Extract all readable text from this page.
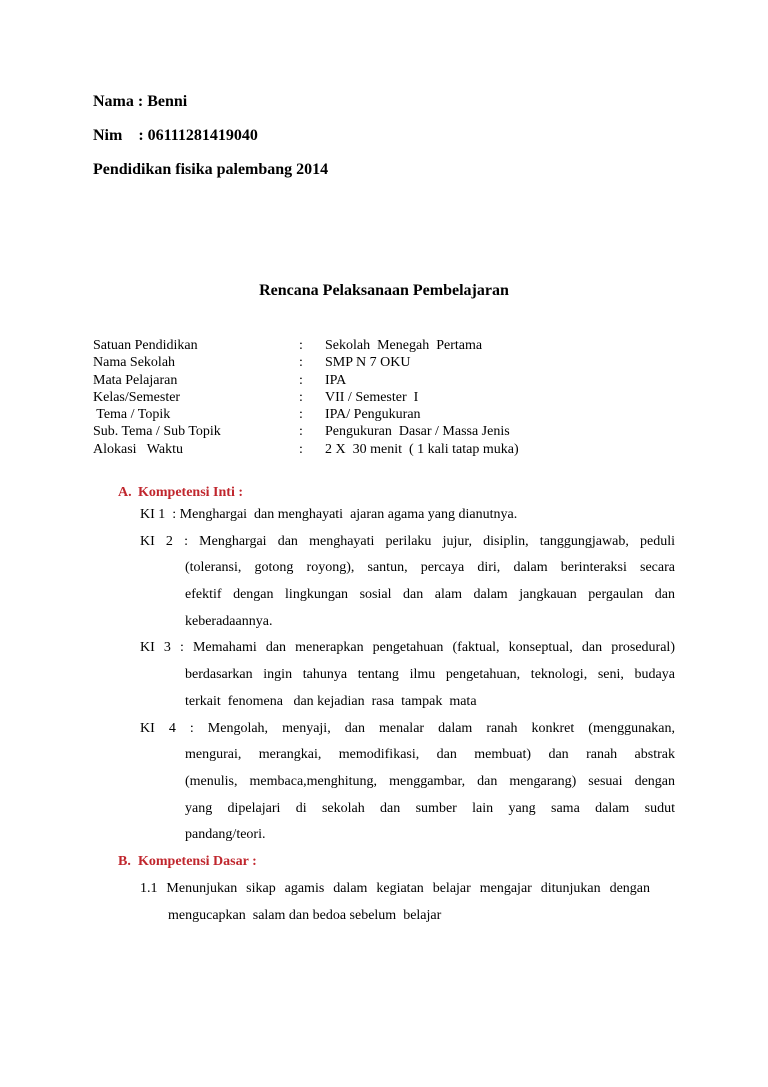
Nama : Benni
Nim    : 06111281419040
Pendidikan fisika palembang 2014
Rencana Pelaksanaan Pembelajaran
Satuan Pendidikan	: Sekolah  Menegah  Pertama
Nama Sekolah	: SMP N 7 OKU
Mata Pelajaran	: IPA
Kelas/Semester	: VII / Semester  I
Tema / Topik	: IPA/ Pengukuran
Sub. Tema / Sub Topik	: Pengukuran  Dasar / Massa Jenis
Alokasi   Waktu	: 2 X  30 menit  ( 1 kali tatap muka)
A. Kompetensi Inti :
KI 1  : Menghargai  dan menghayati  ajaran agama yang dianutnya.
KI 2 : Menghargai dan menghayati perilaku jujur, disiplin, tanggungjawab, peduli
(toleransi, gotong royong), santun, percaya diri, dalam berinteraksi secara
efektif dengan lingkungan sosial dan alam dalam jangkauan pergaulan dan
keberadaannya.
KI 3 : Memahami dan menerapkan pengetahuan (faktual, konseptual, dan prosedural)
berdasarkan ingin tahunya tentang ilmu pengetahuan, teknologi, seni, budaya
terkait  fenomena   dan kejadian  rasa  tampak  mata
KI 4 : Mengolah, menyaji, dan menalar dalam ranah konkret (menggunakan,
mengurai, merangkai, memodifikasi, dan membuat) dan ranah abstrak
(menulis, membaca,menghitung, menggambar, dan mengarang) sesuai dengan
yang dipelajari di sekolah dan sumber lain yang sama dalam sudut
pandang/teori.
B. Kompetensi Dasar :
1.1 Menunjukan sikap agamis dalam kegiatan belajar mengajar ditunjukan dengan
mengucapkan  salam dan bedoa sebelum  belajar
